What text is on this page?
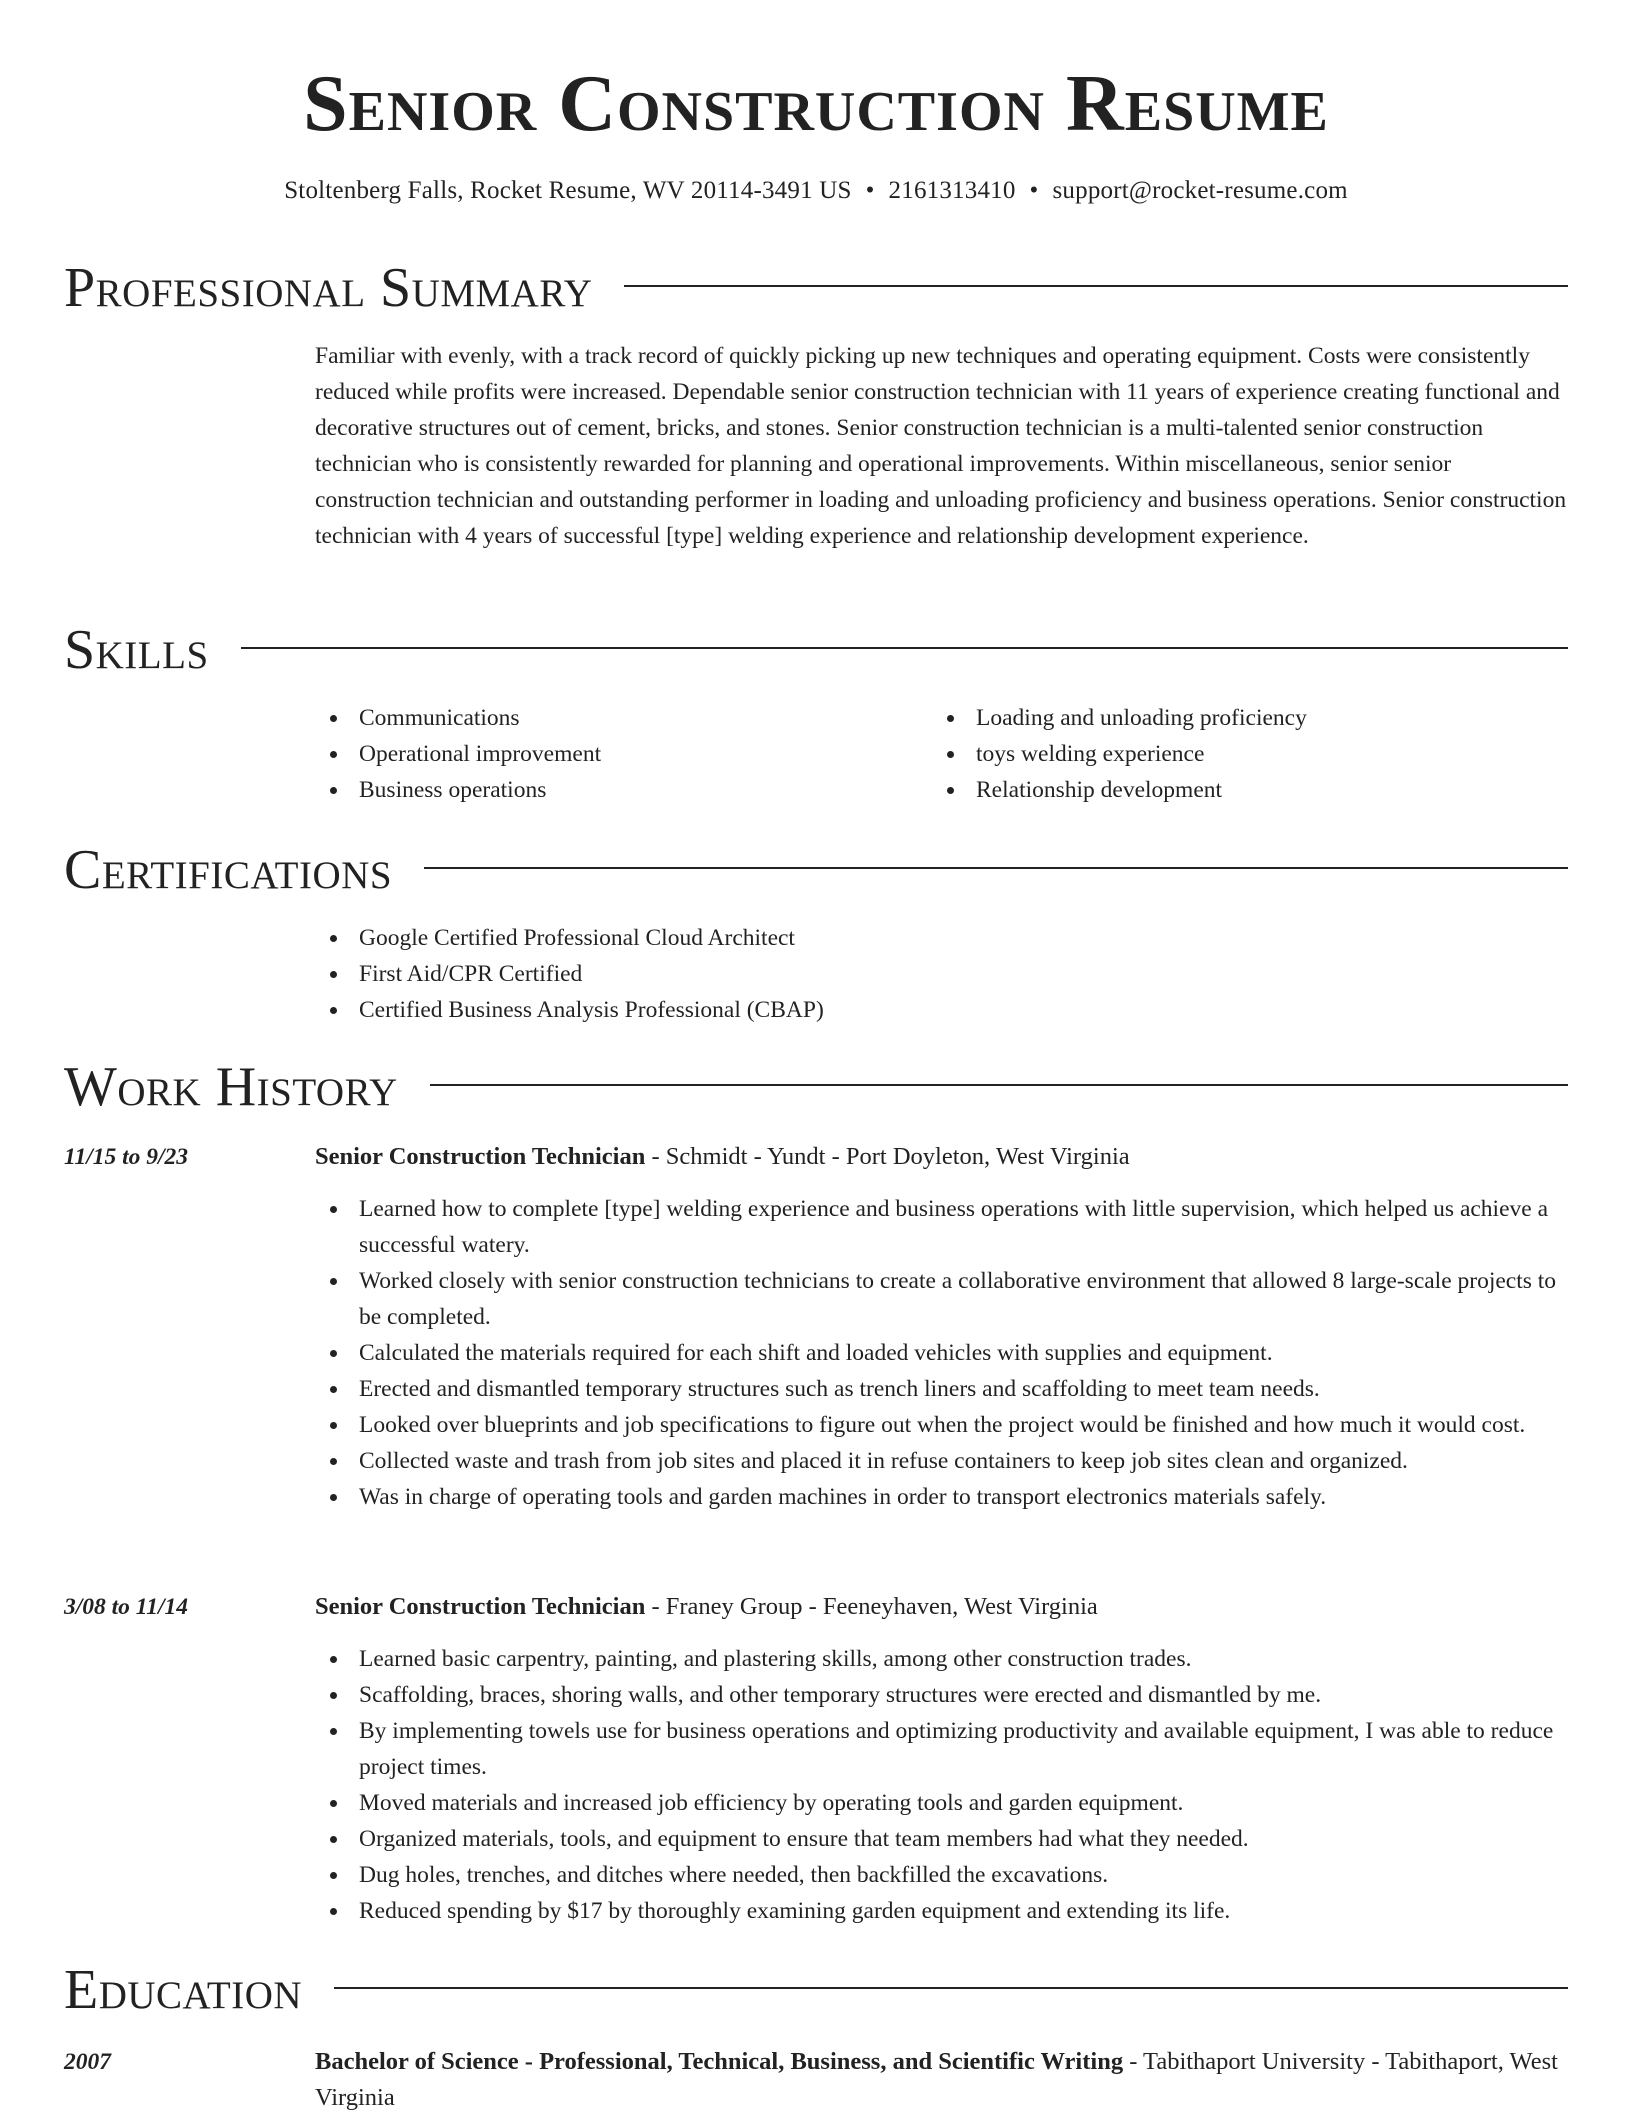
Senior Construction Resume
Stoltenberg Falls, Rocket Resume, WV 20114-3491 US • 2161313410 • support@rocket-resume.com
Professional Summary

Familiar with evenly, with a track record of quickly picking up new techniques and operating equipment. Costs were consistently reduced while profits were increased. Dependable senior construction technician with 11 years of experience creating functional and decorative structures out of cement, bricks, and stones. Senior construction technician is a multi-talented senior construction technician who is consistently rewarded for planning and operational improvements. Within miscellaneous, senior senior construction technician and outstanding performer in loading and unloading proficiency and business operations. Senior construction technician with 4 years of successful [type] welding experience and relationship development experience.

Skills
Communications
Operational improvement
Business operations
Loading and unloading proficiency
toys welding experience
Relationship development
Certifications
Google Certified Professional Cloud Architect
First Aid/CPR Certified
Certified Business Analysis Professional (CBAP)
Work History
11/15 to 9/23	Senior Construction Technician - Schmidt - Yundt - Port Doyleton, West Virginia
Learned how to complete [type] welding experience and business operations with little supervision, which helped us achieve a successful watery.
Worked closely with senior construction technicians to create a collaborative environment that allowed 8 large-scale projects to be completed.
Calculated the materials required for each shift and loaded vehicles with supplies and equipment.
Erected and dismantled temporary structures such as trench liners and scaffolding to meet team needs.
Looked over blueprints and job specifications to figure out when the project would be finished and how much it would cost.
Collected waste and trash from job sites and placed it in refuse containers to keep job sites clean and organized.
Was in charge of operating tools and garden machines in order to transport electronics materials safely.
3/08 to 11/14	Senior Construction Technician - Franey Group - Feeneyhaven, West Virginia
Learned basic carpentry, painting, and plastering skills, among other construction trades.
Scaffolding, braces, shoring walls, and other temporary structures were erected and dismantled by me.
By implementing towels use for business operations and optimizing productivity and available equipment, I was able to reduce project times.
Moved materials and increased job efficiency by operating tools and garden equipment.
Organized materials, tools, and equipment to ensure that team members had what they needed.
Dug holes, trenches, and ditches where needed, then backfilled the excavations.
Reduced spending by $17 by thoroughly examining garden equipment and extending its life.
Education
2007	Bachelor of Science - Professional, Technical, Business, and Scientific Writing - Tabithaport University - Tabithaport, West Virginia
